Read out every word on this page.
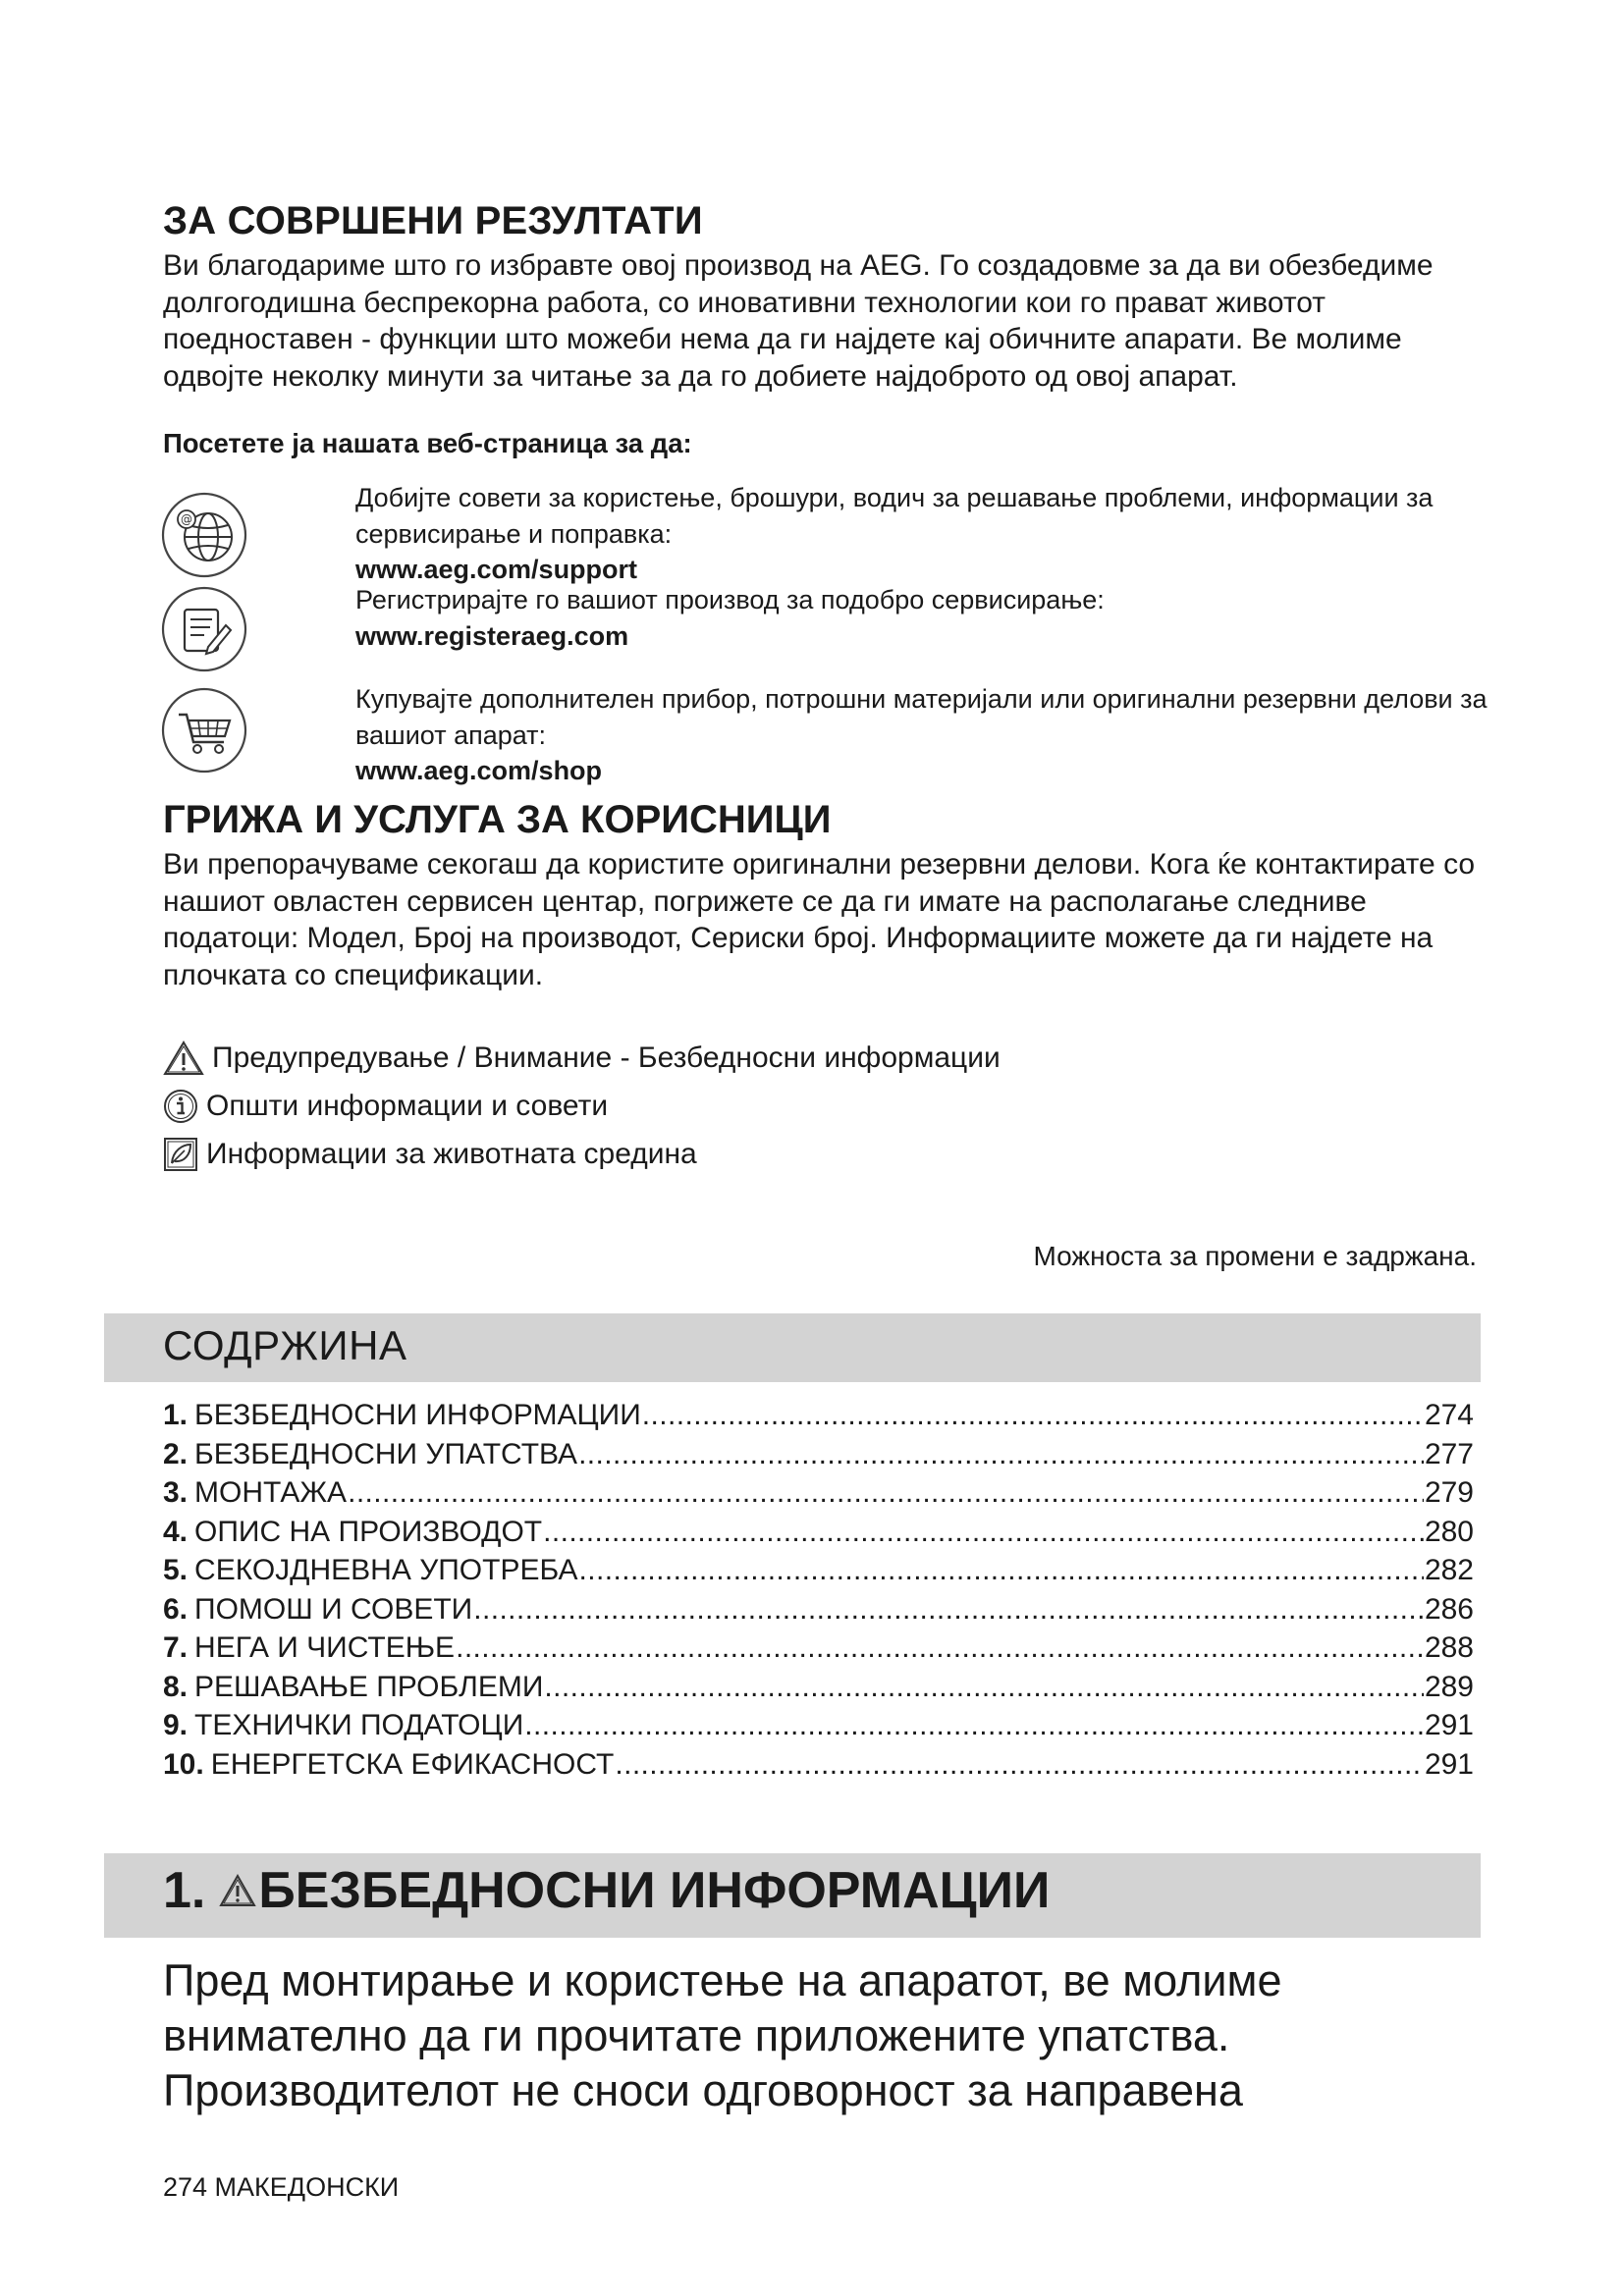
ЗА СОВРШЕНИ РЕЗУЛТАТИ

Ви благодариме што го избравте овој производ на AEG. Го создадовме за да ви обезбедиме долгогодишна беспрекорна работа, со иновативни технологии кои го прават животот поедноставен - функции што можеби нема да ги најдете кај обичните апарати. Ве молиме одвојте неколку минути за читање за да го добиете најдоброто од овој апарат.

Посетете ја нашата веб-страница за да:

@

Добијте совети за користење, брошури, водич за решавање проблеми, информации за сервисирање и поправка:
www.aeg.com/support

Регистрирајте го вашиот производ за подобро сервисирање:
www.registeraeg.com

Купувајте дополнителен прибор, потрошни материјали или оригинални резервни делови за вашиот апарат:
www.aeg.com/shop

ГРИЖА И УСЛУГА ЗА КОРИСНИЦИ

Ви препорачуваме секогаш да користите оригинални резервни делови. Кога ќе контактирате со нашиот овластен сервисен центар, погрижете се да ги имате на располагање следниве податоци: Модел, Број на производот, Сериски број. Информациите можете да ги најдете на плочката со спецификации.

Предупредување / Внимание - Безбедносни информации
Општи информации и совети
Информации за животната средина
Можноста за промени е задржана.
СОДРЖИНА
1. БЕЗБЕДНОСНИ ИНФОРМАЦИИ .....	274
2. БЕЗБЕДНОСНИ УПАТСТВА .....	277
3. МОНТАЖА .....	279
4. ОПИС НА ПРОИЗВОДОТ .....	280
5. СЕКОЈДНЕВНА УПОТРЕБА .....	282
6. ПОМОШ И СОВЕТИ .....	286
7. НЕГА И ЧИСТЕЊЕ .....	288
8. РЕШАВАЊЕ ПРОБЛЕМИ .....	289
9. ТЕХНИЧКИ ПОДАТОЦИ .....	291
10. ЕНЕРГЕТСКА ЕФИКАСНОСТ .....	291
1. БЕЗБЕДНОСНИ ИНФОРМАЦИИ

Пред монтирање и користење на апаратот, ве молиме внимателно да ги прочитате приложените упатства. Производителот не сноси одговорност за направена

274 МАКЕДОНСКИ
